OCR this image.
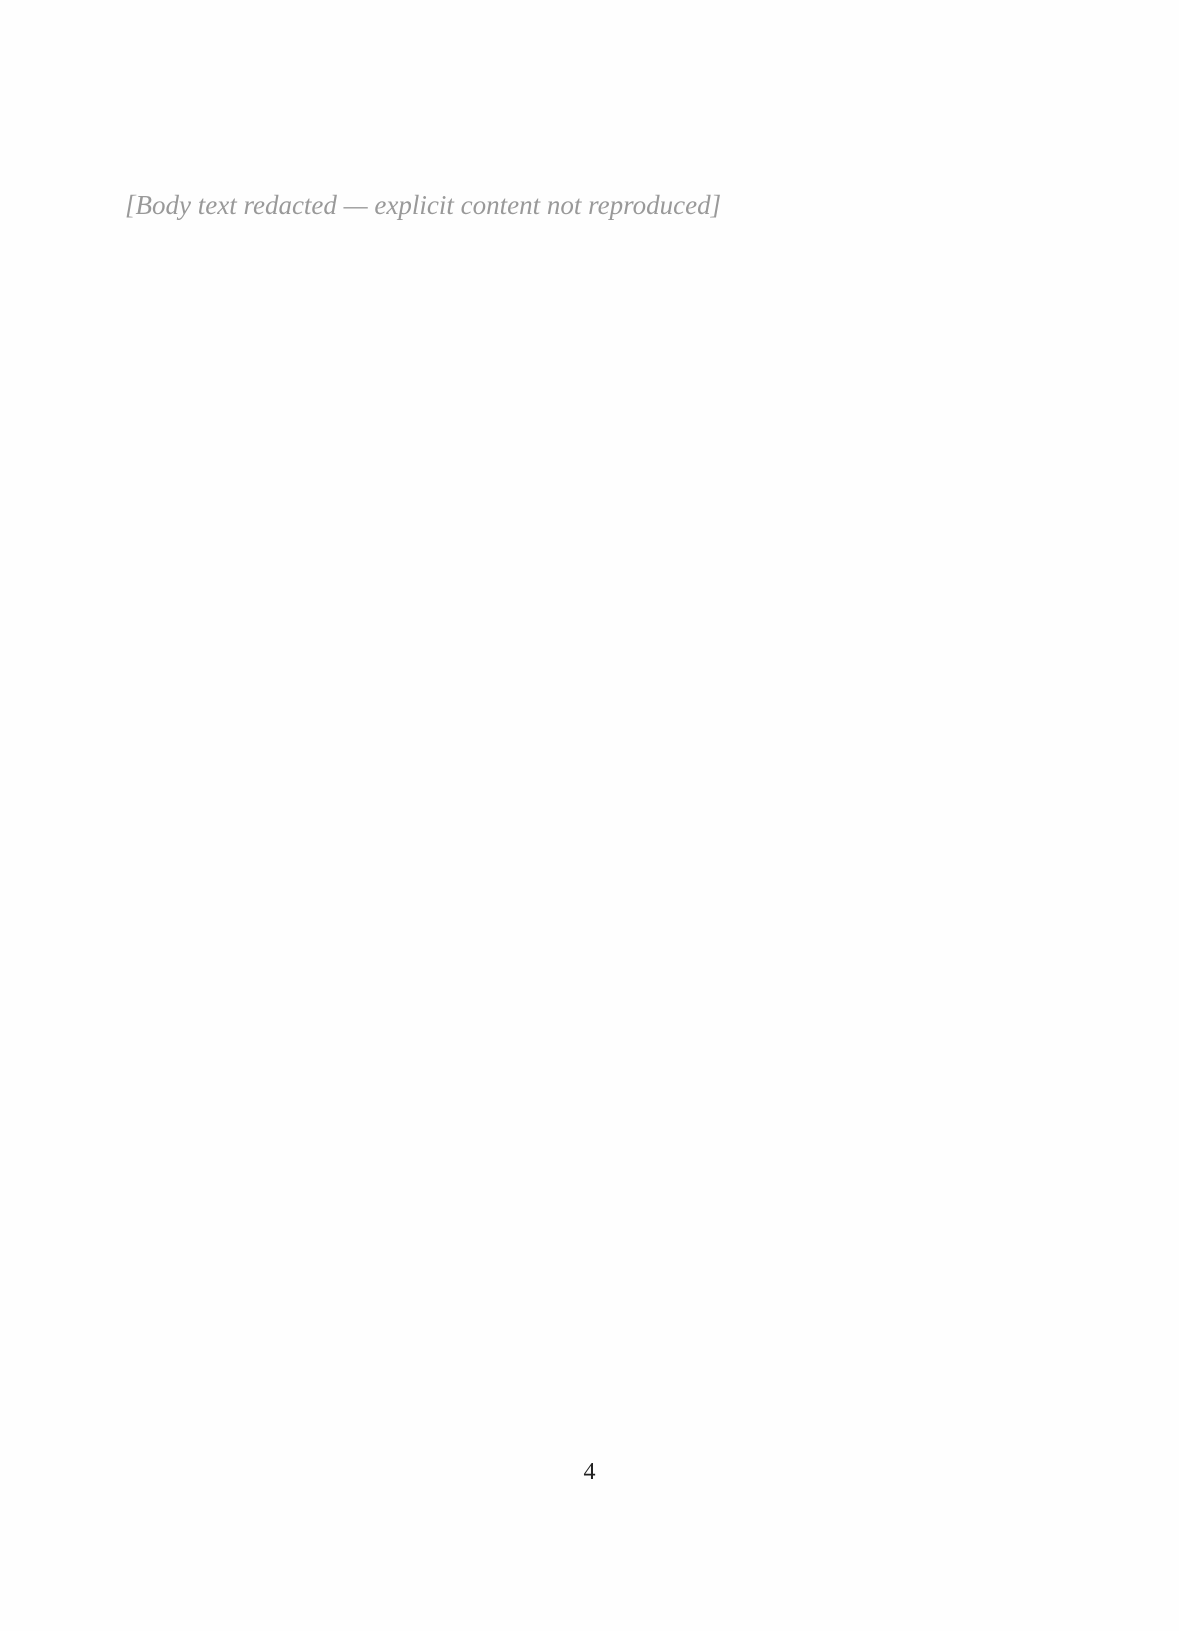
[Body text redacted — explicit content not reproduced]

4
